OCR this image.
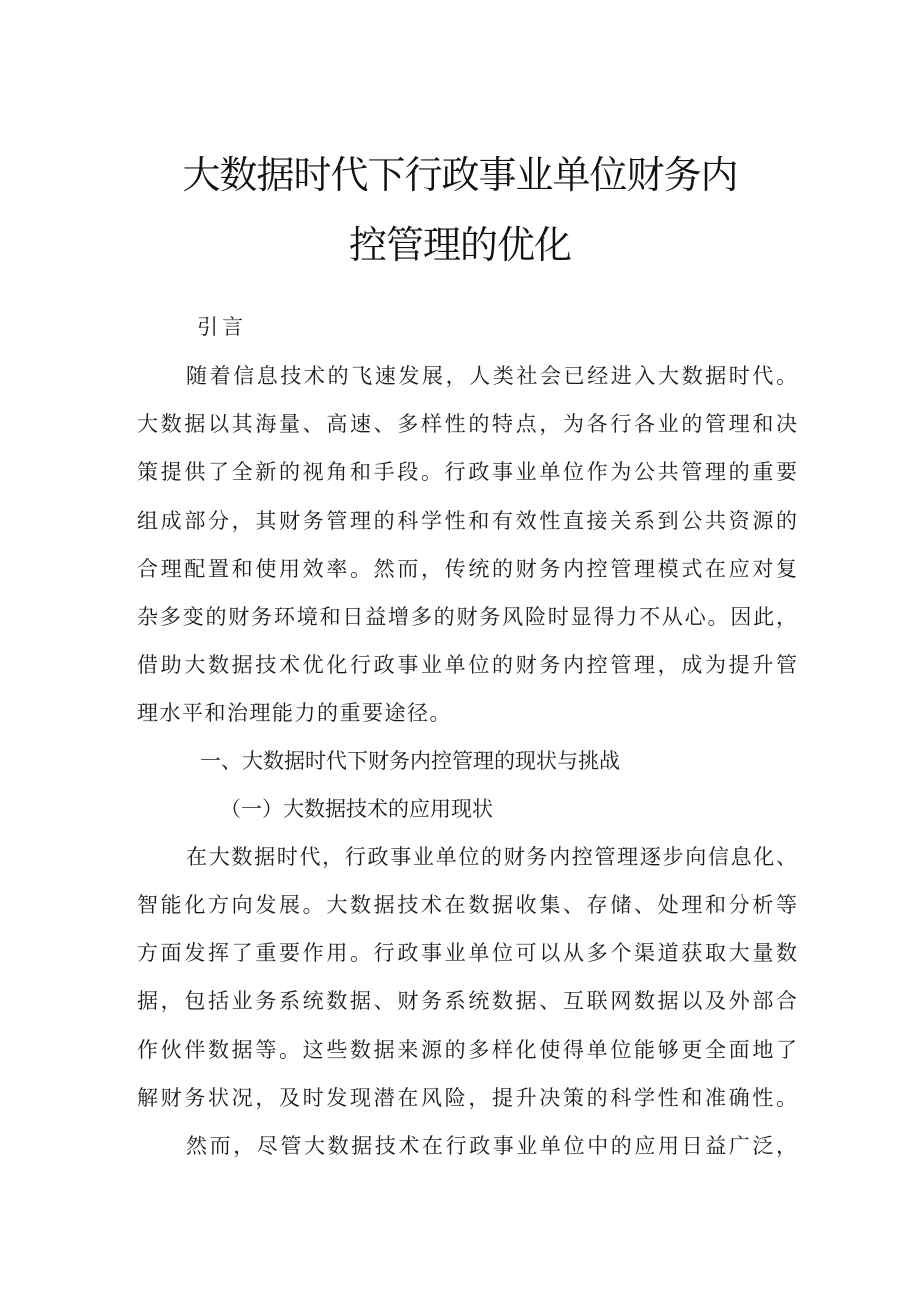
大数据时代下行政事业单位财务内
控管理的优化
引言
随着信息技术的飞速发展，人类社会已经进入大数据时代。
大数据以其海量、高速、多样性的特点，为各行各业的管理和决
策提供了全新的视角和手段。行政事业单位作为公共管理的重要
组成部分，其财务管理的科学性和有效性直接关系到公共资源的
合理配置和使用效率。然而，传统的财务内控管理模式在应对复
杂多变的财务环境和日益增多的财务风险时显得力不从心。因此，
借助大数据技术优化行政事业单位的财务内控管理，成为提升管
理水平和治理能力的重要途径。
一、大数据时代下财务内控管理的现状与挑战
（一）大数据技术的应用现状
在大数据时代，行政事业单位的财务内控管理逐步向信息化、
智能化方向发展。大数据技术在数据收集、存储、处理和分析等
方面发挥了重要作用。行政事业单位可以从多个渠道获取大量数
据，包括业务系统数据、财务系统数据、互联网数据以及外部合
作伙伴数据等。这些数据来源的多样化使得单位能够更全面地了
解财务状况，及时发现潜在风险，提升决策的科学性和准确性。
然而，尽管大数据技术在行政事业单位中的应用日益广泛，
